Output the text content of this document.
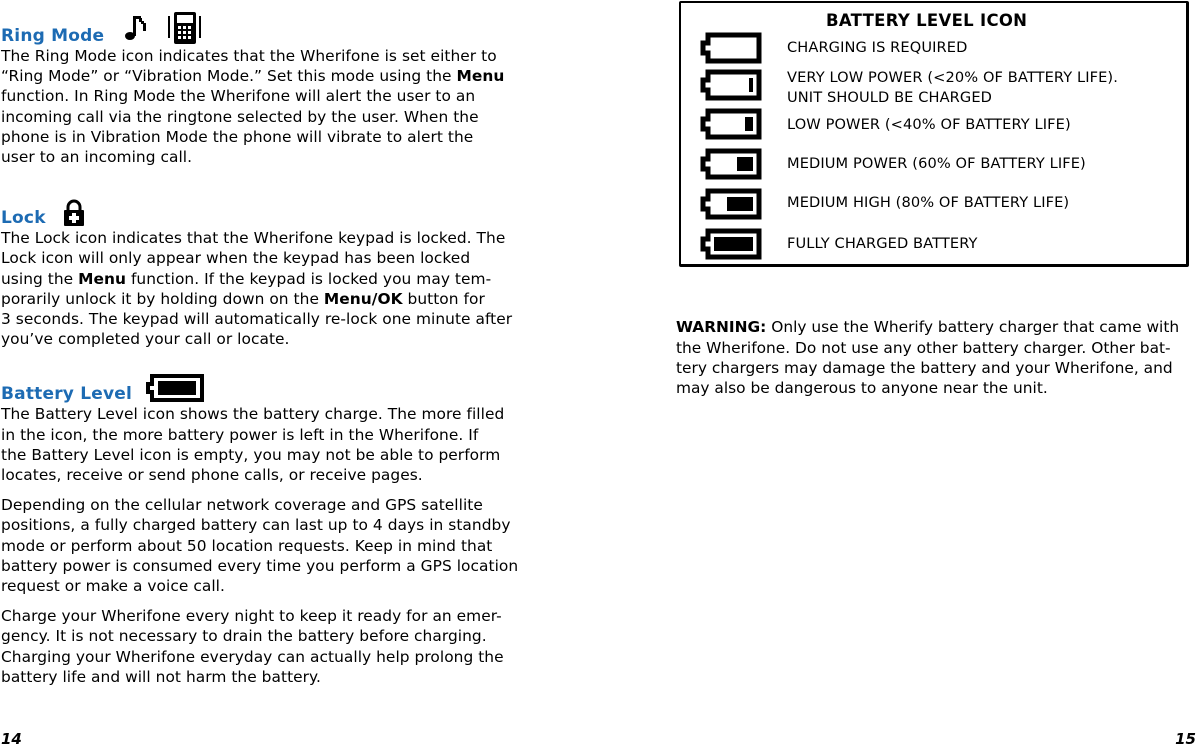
Ring Mode

The Ring Mode icon indicates that the Wherifone is set either to
“Ring Mode” or “Vibration Mode.” Set this mode using the Menu
function. In Ring Mode the Wherifone will alert the user to an
incoming call via the ringtone selected by the user. When the
phone is in Vibration Mode the phone will vibrate to alert the
user to an incoming call.

Lock

The Lock icon indicates that the Wherifone keypad is locked. The
Lock icon will only appear when the keypad has been locked
using the Menu function. If the keypad is locked you may tem-
porarily unlock it by holding down on the Menu/OK button for
3 seconds. The keypad will automatically re-lock one minute after
you’ve completed your call or locate.

Battery Level

The Battery Level icon shows the battery charge. The more filled
in the icon, the more battery power is left in the Wherifone. If
the Battery Level icon is empty, you may not be able to perform
locates, receive or send phone calls, or receive pages.

Depending on the cellular network coverage and GPS satellite
positions, a fully charged battery can last up to 4 days in standby
mode or perform about 50 location requests. Keep in mind that
battery power is consumed every time you perform a GPS location
request or make a voice call.

Charge your Wherifone every night to keep it ready for an emer-
gency. It is not necessary to drain the battery before charging.
Charging your Wherifone everyday can actually help prolong the
battery life and will not harm the battery.

14
BATTERY LEVEL ICON
CHARGING IS REQUIRED
VERY LOW POWER (<20% OF BATTERY LIFE).
UNIT SHOULD BE CHARGED
LOW POWER (<40% OF BATTERY LIFE)
MEDIUM POWER (60% OF BATTERY LIFE)
MEDIUM HIGH (80% OF BATTERY LIFE)
FULLY CHARGED BATTERY

WARNING: Only use the Wherify battery charger that came with
the Wherifone. Do not use any other battery charger. Other bat-
tery chargers may damage the battery and your Wherifone, and
may also be dangerous to anyone near the unit.

15
